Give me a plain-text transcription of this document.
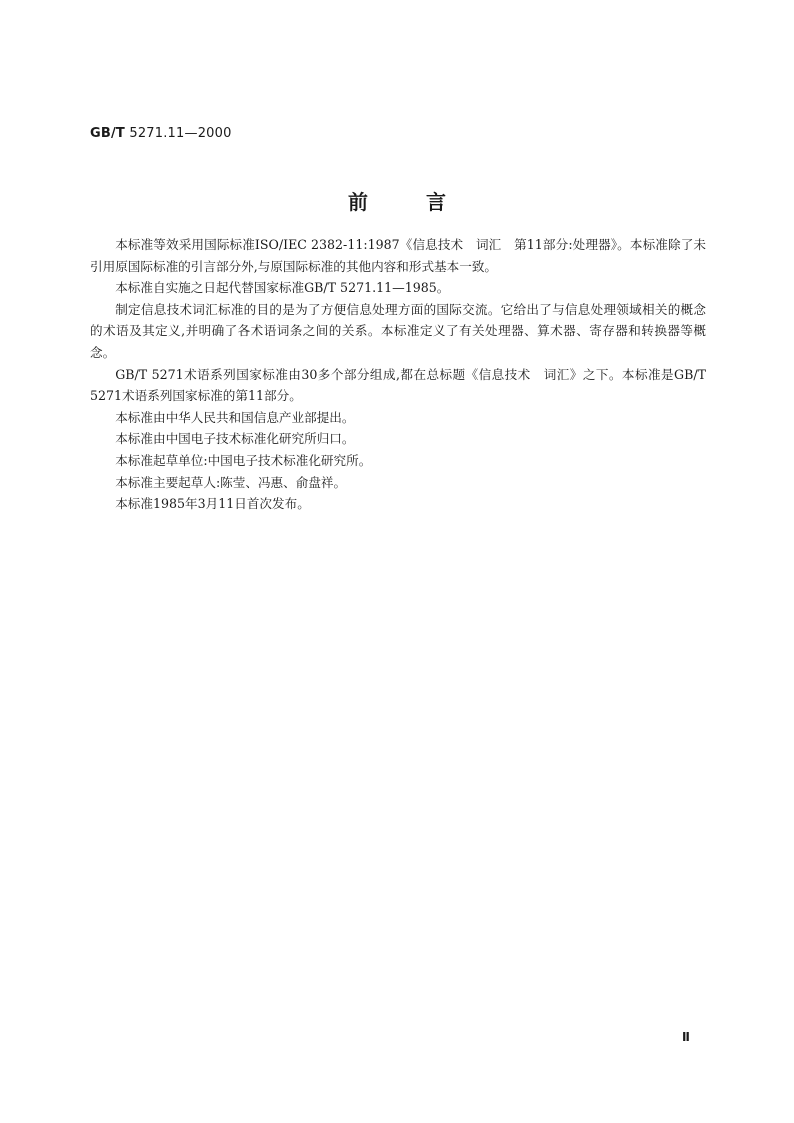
GB/T 5271.11—2000
前	言

本标准等效采用国际标准ISO/IEC 2382-11:1987《信息技术　词汇　第11部分:处理器》。本标准除了未引用原国际标准的引言部分外,与原国际标准的其他内容和形式基本一致。

本标准自实施之日起代替国家标准GB/T 5271.11—1985。

制定信息技术词汇标准的目的是为了方便信息处理方面的国际交流。它给出了与信息处理领域相关的概念的术语及其定义,并明确了各术语词条之间的关系。本标准定义了有关处理器、算术器、寄存器和转换器等概念。

GB/T 5271术语系列国家标准由30多个部分组成,都在总标题《信息技术　词汇》之下。本标准是GB/T 5271术语系列国家标准的第11部分。

本标准由中华人民共和国信息产业部提出。

本标准由中国电子技术标准化研究所归口。

本标准起草单位:中国电子技术标准化研究所。

本标准主要起草人:陈莹、冯惠、俞盘祥。

本标准1985年3月11日首次发布。

Ⅱ
